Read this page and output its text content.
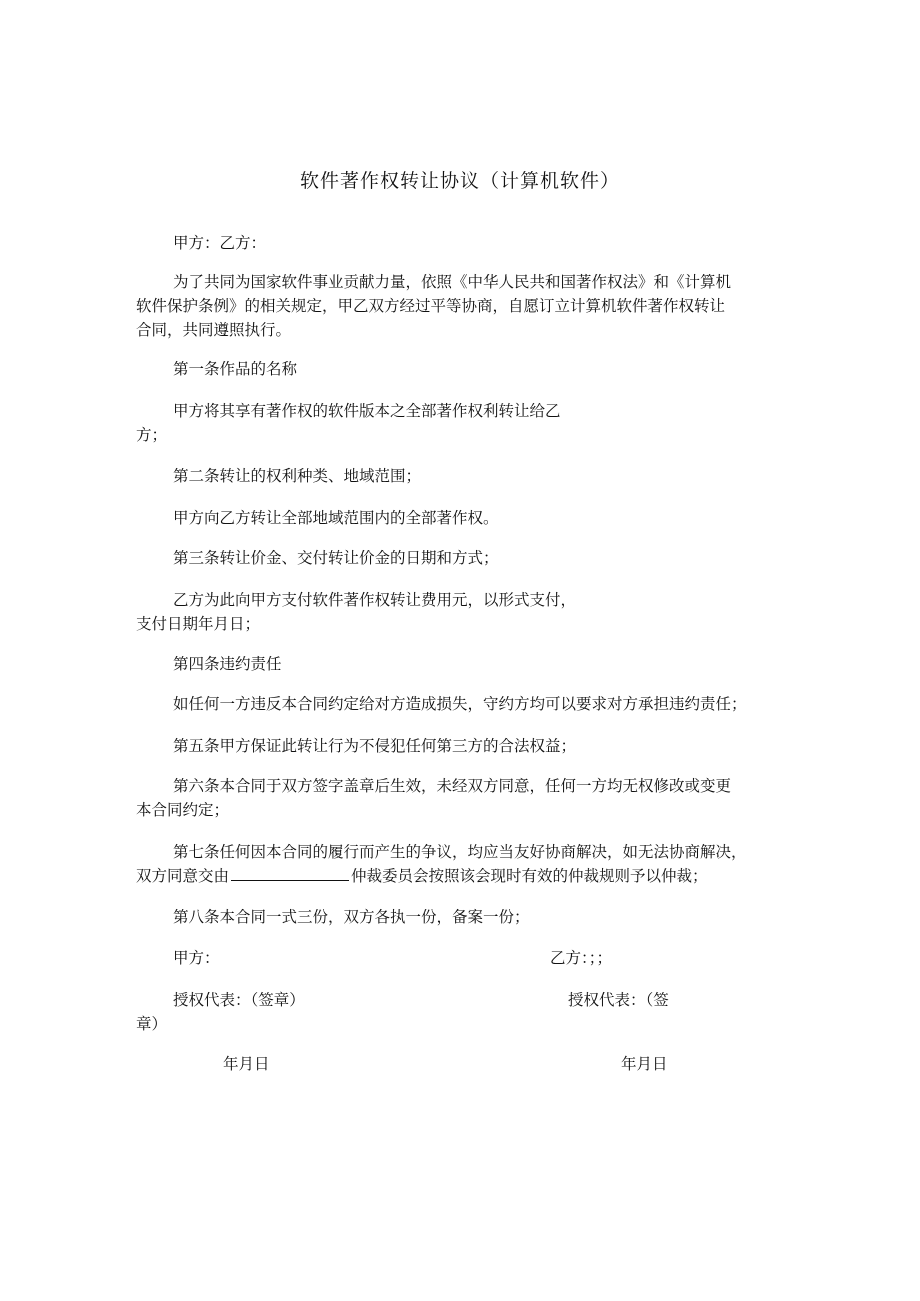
软件著作权转让协议（计算机软件）
甲方：乙方：
为了共同为国家软件事业贡献力量，依照《中华人民共和国著作权法》和《计算机
软件保护条例》的相关规定，甲乙双方经过平等协商，自愿订立计算机软件著作权转让
合同，共同遵照执行。
第一条作品的名称
甲方将其享有著作权的软件版本之全部著作权利转让给乙
方；
第二条转让的权利种类、地域范围；
甲方向乙方转让全部地域范围内的全部著作权。
第三条转让价金、交付转让价金的日期和方式；
乙方为此向甲方支付软件著作权转让费用元，以形式支付，
支付日期年月日；
第四条违约责任
如任何一方违反本合同约定给对方造成损失，守约方均可以要求对方承担违约责任；
第五条甲方保证此转让行为不侵犯任何第三方的合法权益；
第六条本合同于双方签字盖章后生效，未经双方同意，任何一方均无权修改或变更
本合同约定；
第七条任何因本合同的履行而产生的争议，均应当友好协商解决，如无法协商解决，
双方同意交由	仲裁委员会按照该会现时有效的仲裁规则予以仲裁；
第八条本合同一式三份，双方各执一份，备案一份；
甲方：	乙方：；；
授权代表：（签章）	授权代表：（签
章）
年月日	年月日
